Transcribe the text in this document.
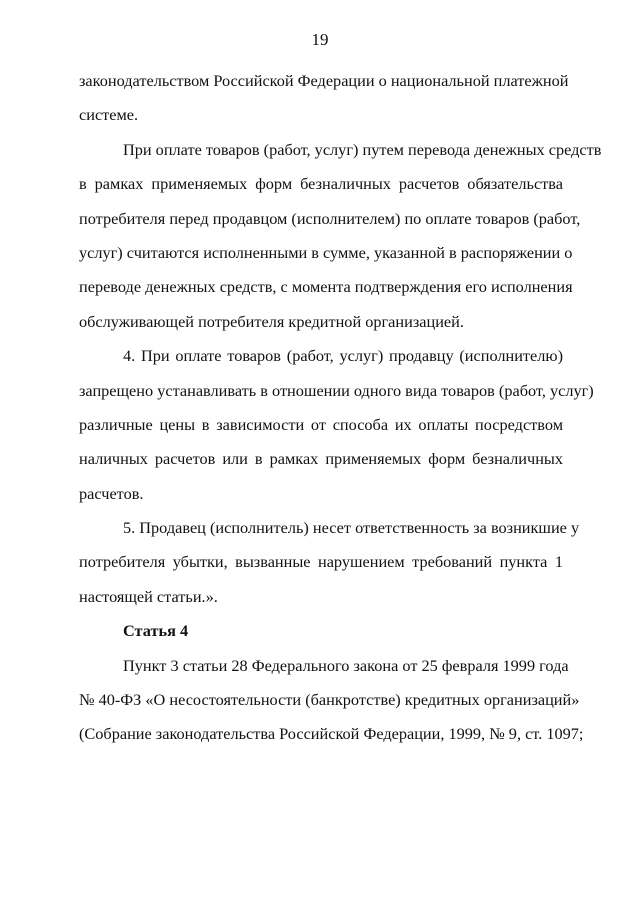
19
законодательством Российской Федерации о национальной платежной
системе.
При оплате товаров (работ, услуг) путем перевода денежных средств
в рамках применяемых форм безналичных расчетов обязательства
потребителя перед продавцом (исполнителем) по оплате товаров (работ,
услуг) считаются исполненными в сумме, указанной в распоряжении о
переводе денежных средств, с момента подтверждения его исполнения
обслуживающей потребителя кредитной организацией.
4. При оплате товаров (работ, услуг) продавцу (исполнителю)
запрещено устанавливать в отношении одного вида товаров (работ, услуг)
различные цены в зависимости от способа их оплаты посредством
наличных расчетов или в рамках применяемых форм безналичных
расчетов.
5. Продавец (исполнитель) несет ответственность за возникшие у
потребителя убытки, вызванные нарушением требований пункта 1
настоящей статьи.».
Статья 4
Пункт 3 статьи 28 Федерального закона от 25 февраля 1999 года
№ 40-ФЗ «О несостоятельности (банкротстве) кредитных организаций»
(Собрание законодательства Российской Федерации, 1999, № 9, ст. 1097;
